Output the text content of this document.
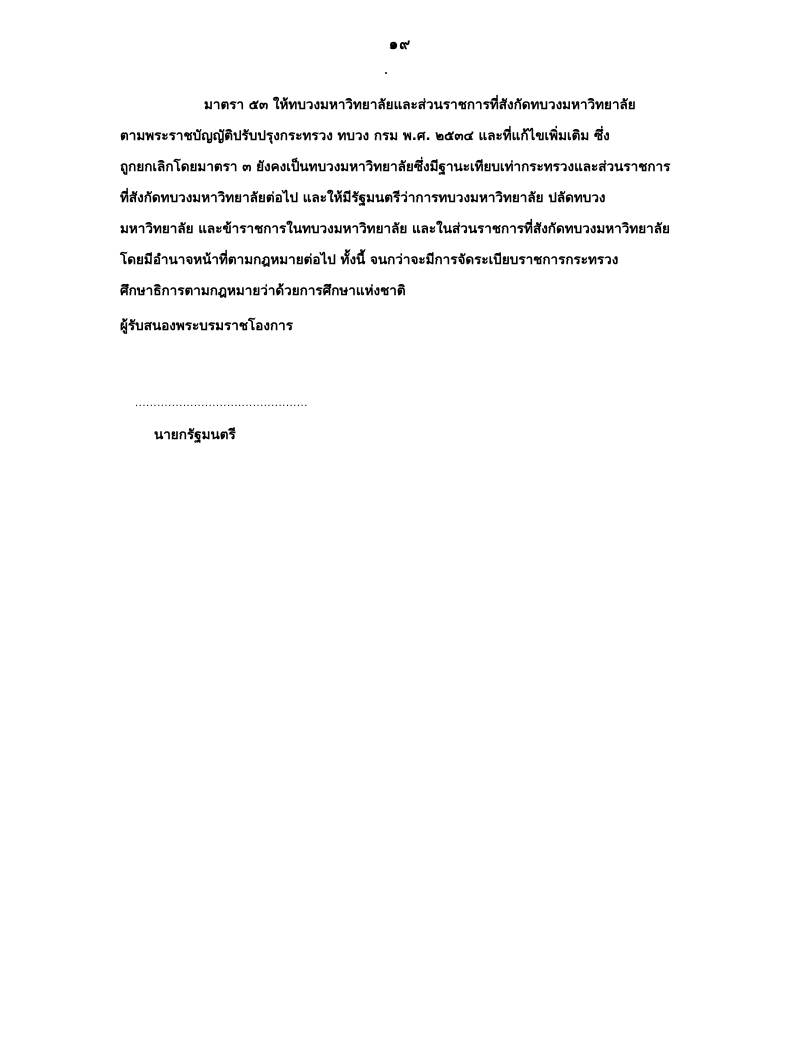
๑๙
มาตรา ๕๓ ให้ทบวงมหาวิทยาลัยและส่วนราชการที่สังกัดทบวงมหาวิทยาลัย
ตามพระราชบัญญัติปรับปรุงกระทรวง ทบวง กรม พ.ศ. ๒๕๓๔ และที่แก้ไขเพิ่มเติม ซึ่ง
ถูกยกเลิกโดยมาตรา ๓ ยังคงเป็นทบวงมหาวิทยาลัยซึ่งมีฐานะเทียบเท่ากระทรวงและส่วนราชการ
ที่สังกัดทบวงมหาวิทยาลัยต่อไป และให้มีรัฐมนตรีว่าการทบวงมหาวิทยาลัย ปลัดทบวง
มหาวิทยาลัย และข้าราชการในทบวงมหาวิทยาลัย และในส่วนราชการที่สังกัดทบวงมหาวิทยาลัย
โดยมีอำนาจหน้าที่ตามกฎหมายต่อไป ทั้งนี้ จนกว่าจะมีการจัดระเบียบราชการกระทรวง
ศึกษาธิการตามกฎหมายว่าด้วยการศึกษาแห่งชาติ
ผู้รับสนองพระบรมราชโองการ
...............................................
นายกรัฐมนตรี
